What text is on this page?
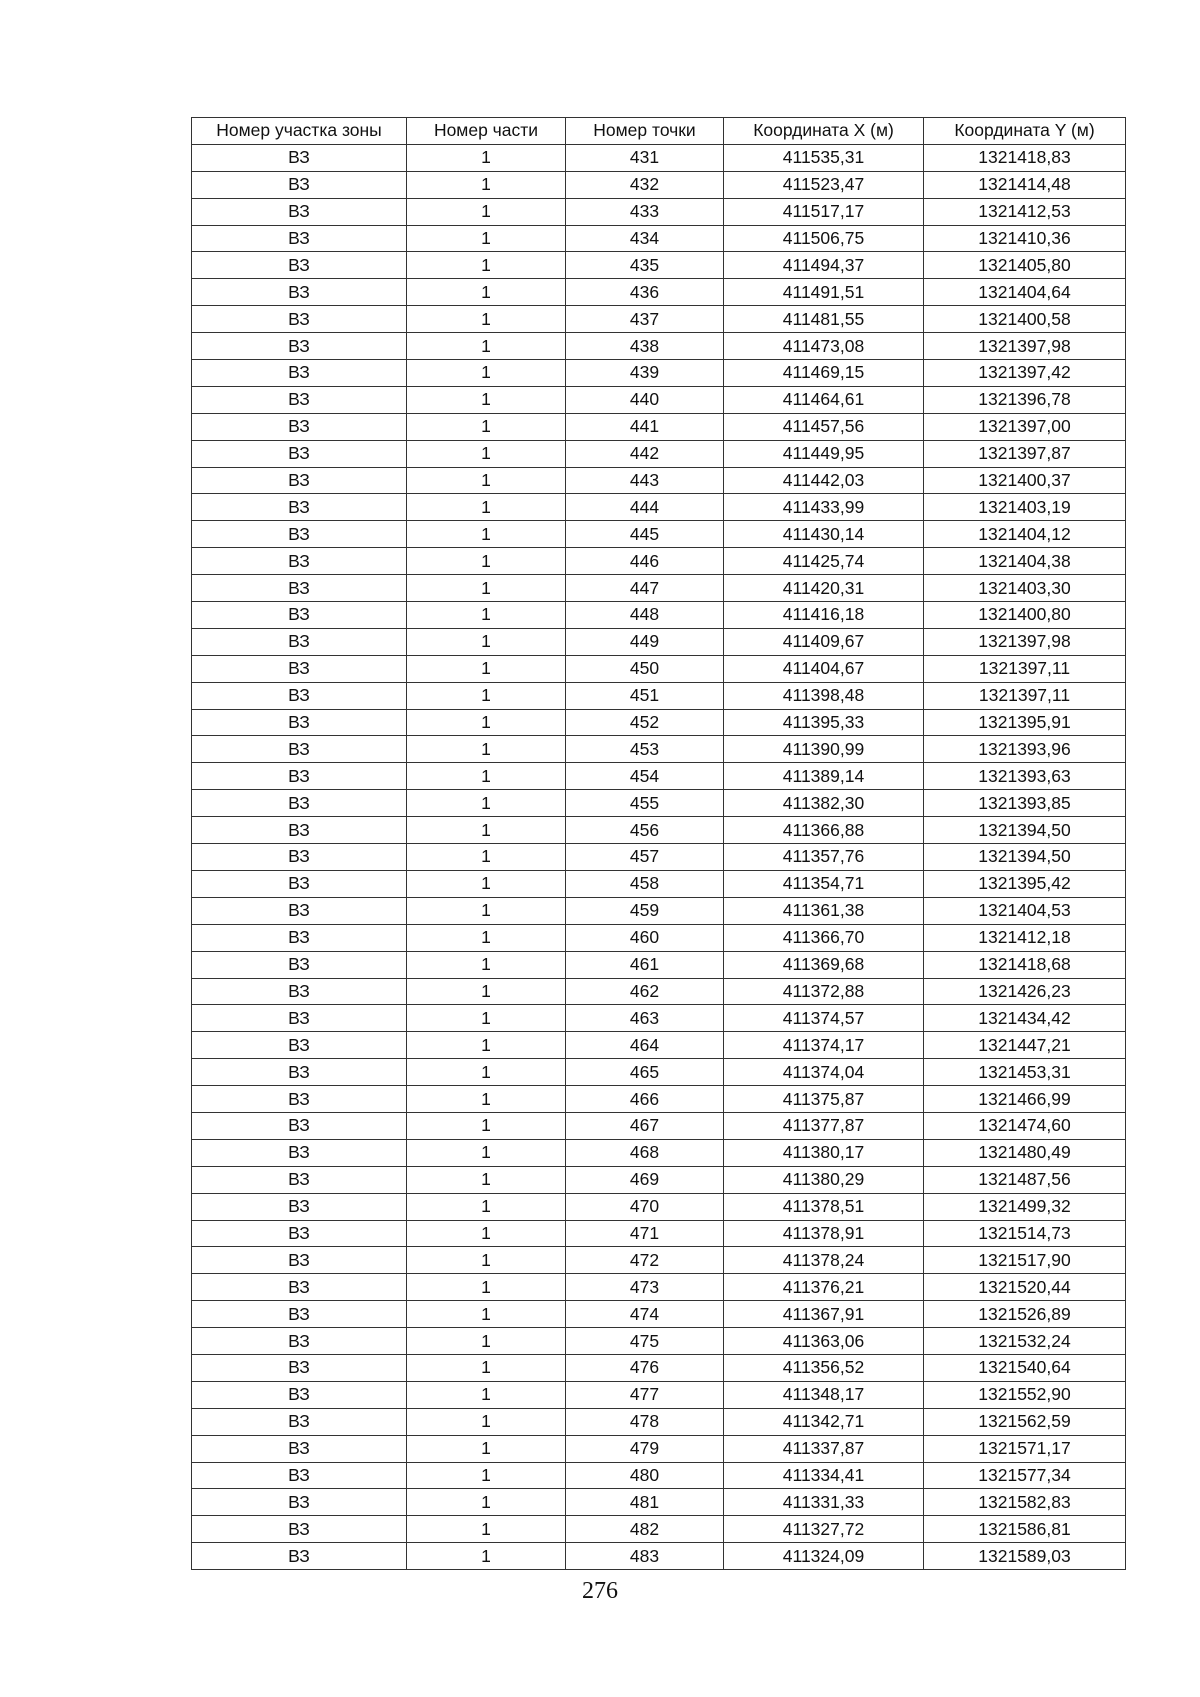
Номер участка зоны	Номер части	Номер точки	Координата X (м)	Координата Y (м)
ВЗ	1	431	411535,31	1321418,83
ВЗ	1	432	411523,47	1321414,48
ВЗ	1	433	411517,17	1321412,53
ВЗ	1	434	411506,75	1321410,36
ВЗ	1	435	411494,37	1321405,80
ВЗ	1	436	411491,51	1321404,64
ВЗ	1	437	411481,55	1321400,58
ВЗ	1	438	411473,08	1321397,98
ВЗ	1	439	411469,15	1321397,42
ВЗ	1	440	411464,61	1321396,78
ВЗ	1	441	411457,56	1321397,00
ВЗ	1	442	411449,95	1321397,87
ВЗ	1	443	411442,03	1321400,37
ВЗ	1	444	411433,99	1321403,19
ВЗ	1	445	411430,14	1321404,12
ВЗ	1	446	411425,74	1321404,38
ВЗ	1	447	411420,31	1321403,30
ВЗ	1	448	411416,18	1321400,80
ВЗ	1	449	411409,67	1321397,98
ВЗ	1	450	411404,67	1321397,11
ВЗ	1	451	411398,48	1321397,11
ВЗ	1	452	411395,33	1321395,91
ВЗ	1	453	411390,99	1321393,96
ВЗ	1	454	411389,14	1321393,63
ВЗ	1	455	411382,30	1321393,85
ВЗ	1	456	411366,88	1321394,50
ВЗ	1	457	411357,76	1321394,50
ВЗ	1	458	411354,71	1321395,42
ВЗ	1	459	411361,38	1321404,53
ВЗ	1	460	411366,70	1321412,18
ВЗ	1	461	411369,68	1321418,68
ВЗ	1	462	411372,88	1321426,23
ВЗ	1	463	411374,57	1321434,42
ВЗ	1	464	411374,17	1321447,21
ВЗ	1	465	411374,04	1321453,31
ВЗ	1	466	411375,87	1321466,99
ВЗ	1	467	411377,87	1321474,60
ВЗ	1	468	411380,17	1321480,49
ВЗ	1	469	411380,29	1321487,56
ВЗ	1	470	411378,51	1321499,32
ВЗ	1	471	411378,91	1321514,73
ВЗ	1	472	411378,24	1321517,90
ВЗ	1	473	411376,21	1321520,44
ВЗ	1	474	411367,91	1321526,89
ВЗ	1	475	411363,06	1321532,24
ВЗ	1	476	411356,52	1321540,64
ВЗ	1	477	411348,17	1321552,90
ВЗ	1	478	411342,71	1321562,59
ВЗ	1	479	411337,87	1321571,17
ВЗ	1	480	411334,41	1321577,34
ВЗ	1	481	411331,33	1321582,83
ВЗ	1	482	411327,72	1321586,81
ВЗ	1	483	411324,09	1321589,03
276
